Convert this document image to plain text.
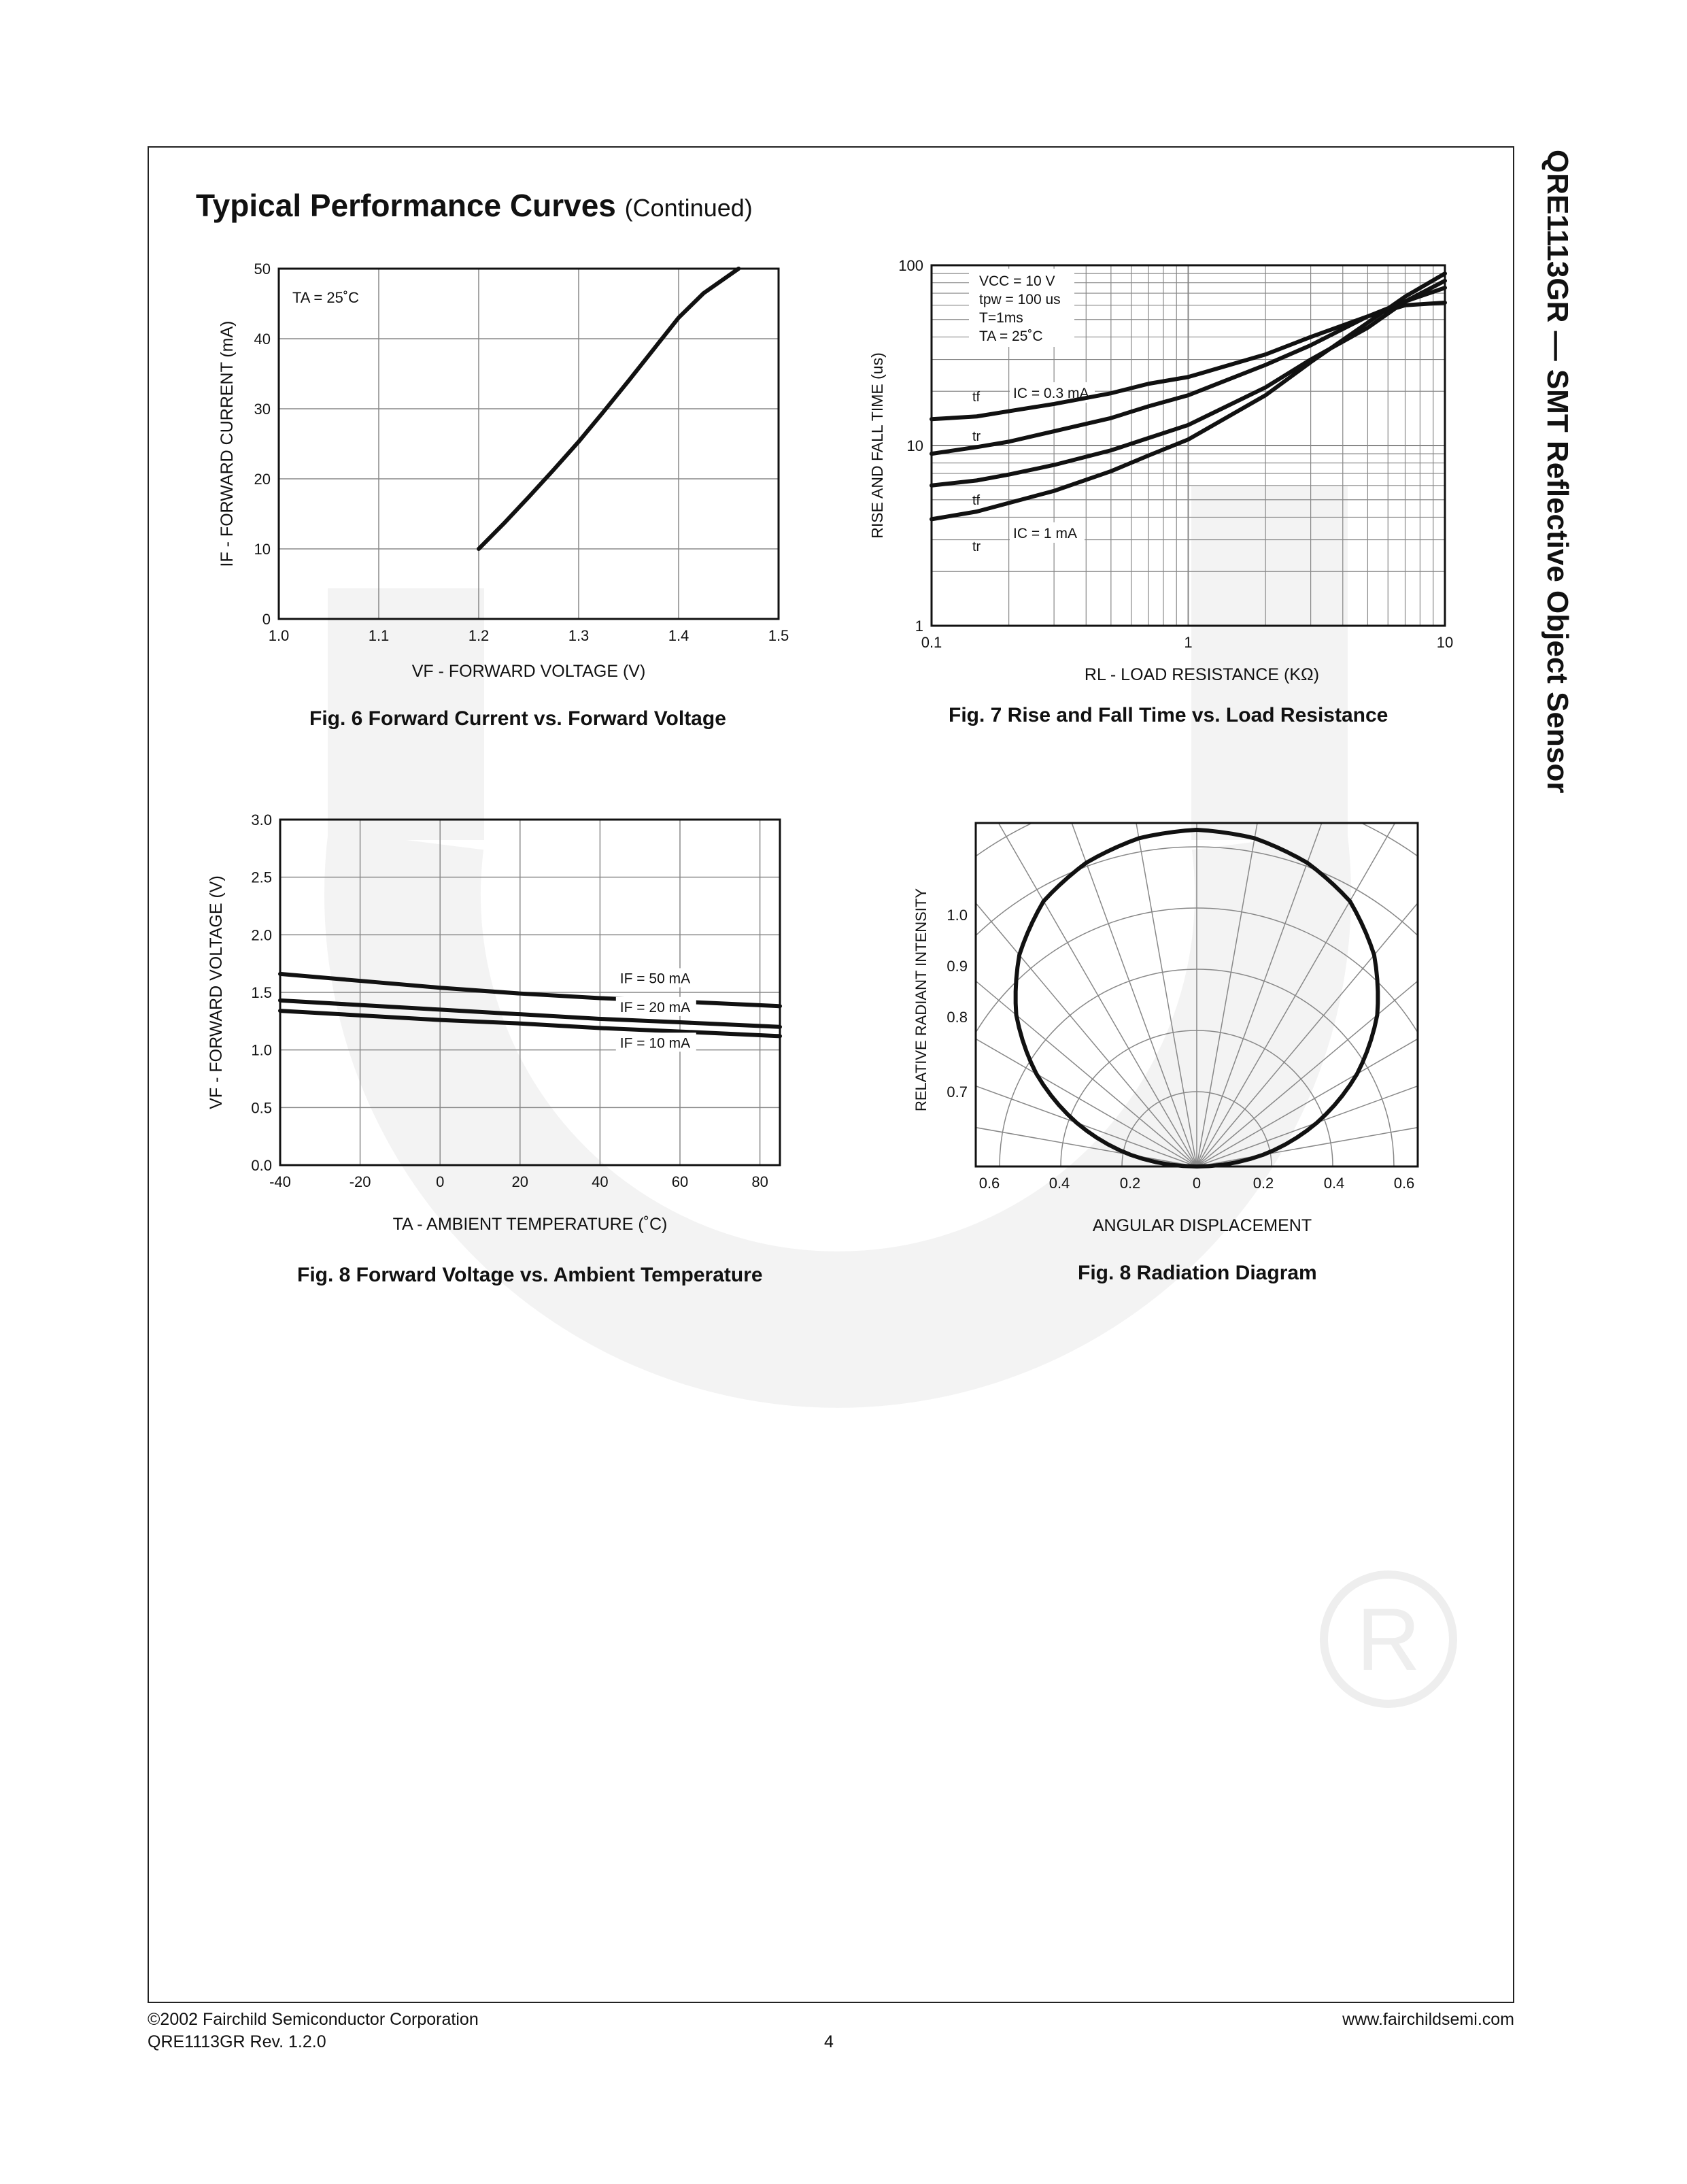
R
QRE1113GR — SMT Reflective Object Sensor
Typical Performance Curves (Continued)
1.0	1.1	1.2	1.3	1.4	1.5
0
10
20
30
40
50
TA = 25˚C
VF - FORWARD VOLTAGE (V)
IF - FORWARD CURRENT (mA)
Fig. 6 Forward Current vs. Forward Voltage
0.1	1	10
1
10
100
VCC = 10 V
tpw = 100 us
T=1ms
TA = 25˚C
IC = 0.3 mA
IC = 1 mA
tf
tr
tf
tr
RL - LOAD RESISTANCE (KΩ)
RISE AND FALL TIME (us)
Fig. 7 Rise and Fall Time vs. Load Resistance
-40	-20	0	20	40	60	80
0.0
0.5
1.0
1.5
2.0
2.5
3.0
IF = 50 mA
IF = 20 mA
IF = 10 mA
TA - AMBIENT TEMPERATURE (˚C)
VF - FORWARD VOLTAGE (V)
Fig. 8 Forward Voltage vs. Ambient Temperature
0.6	0.4	0.2	0	0.2	0.4	0.6
1.0
0.9
0.8
0.7
ANGULAR DISPLACEMENT
RELATIVE RADIANT INTENSITY
Fig. 8 Radiation Diagram
©2002 Fairchild Semiconductor Corporation
QRE1113GR Rev. 1.2.0	4
www.fairchildsemi.com
